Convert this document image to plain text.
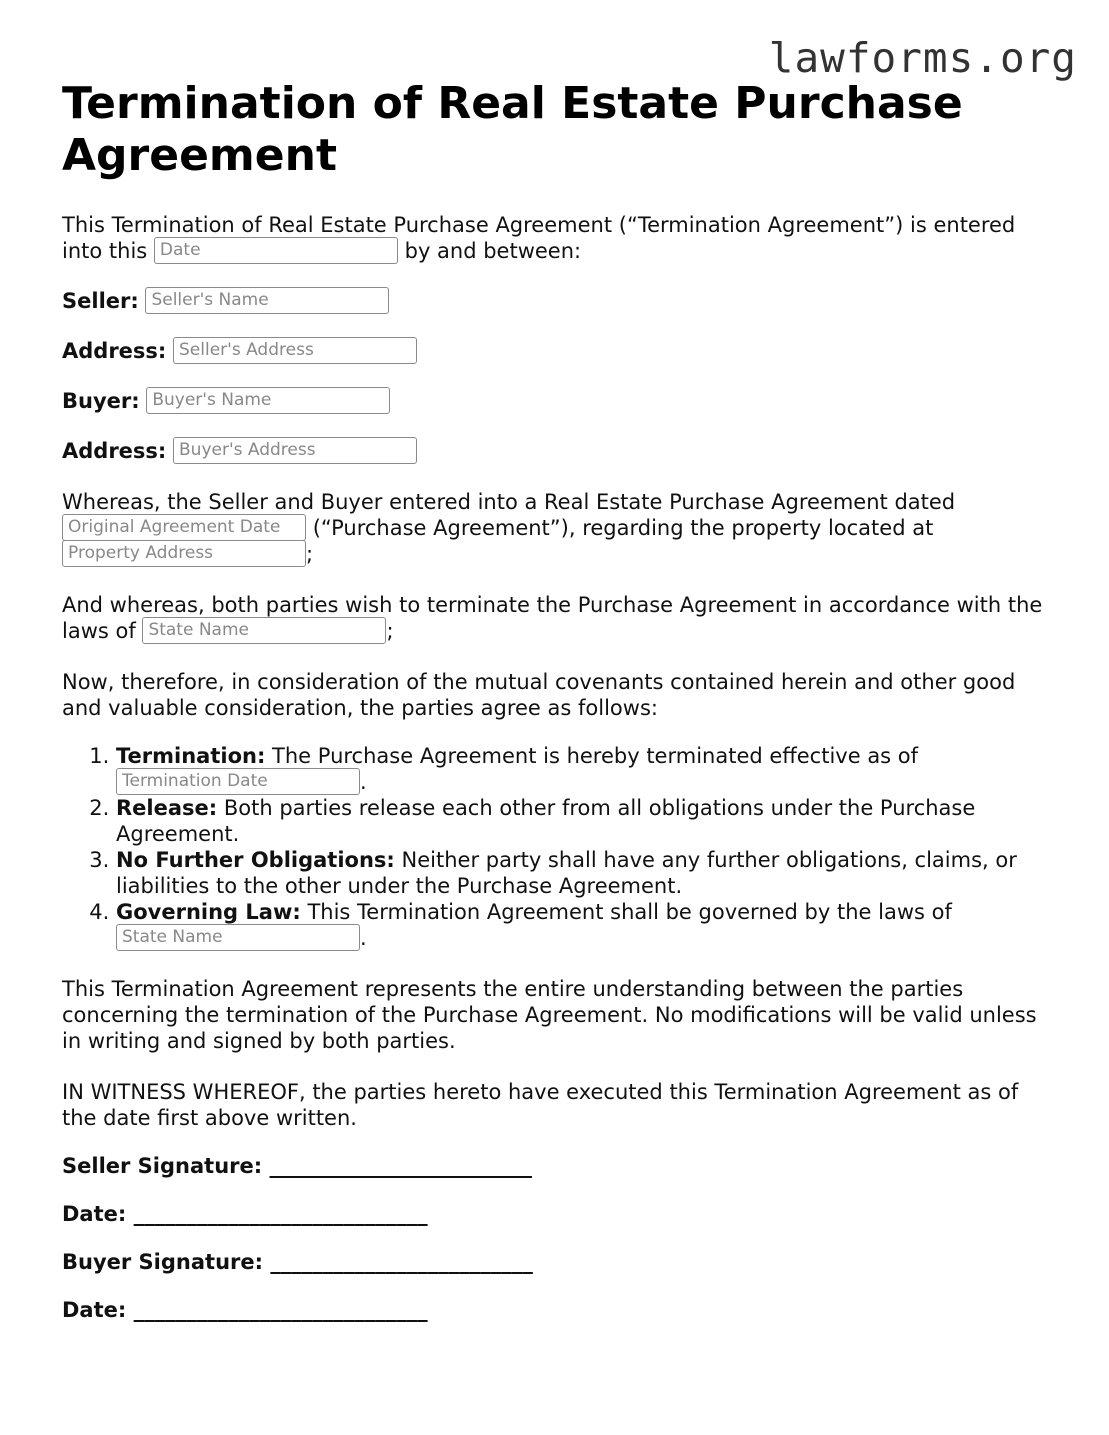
lawforms.org
Termination of Real Estate Purchase Agreement

This Termination of Real Estate Purchase Agreement (“Termination Agreement”) is entered into this Date	by and between:

Seller: Seller's Name

Address: Seller's Address

Buyer: Buyer's Name

Address: Buyer's Address

Whereas, the Seller and Buyer entered into a Real Estate Purchase Agreement dated Original Agreement Date (“Purchase Agreement”), regarding the property located at Property Address;

And whereas, both parties wish to terminate the Purchase Agreement in accordance with the laws of State Name	;

Now, therefore, in consideration of the mutual covenants contained herein and other good and valuable consideration, the parties agree as follows:

1. Termination: The Purchase Agreement is hereby terminated effective as of Termination Date.
2. Release: Both parties release each other from all obligations under the Purchase Agreement.
3. No Further Obligations: Neither party shall have any further obligations, claims, or liabilities to the other under the Purchase Agreement.
4. Governing Law: This Termination Agreement shall be governed by the laws of State Name.

This Termination Agreement represents the entire understanding between the parties concerning the termination of the Purchase Agreement. No modifications will be valid unless in writing and signed by both parties.

IN WITNESS WHEREOF, the parties hereto have executed this Termination Agreement as of the date first above written.

Seller Signature: _________________________
Date: ____________________________
Buyer Signature: _________________________
Date: ____________________________
